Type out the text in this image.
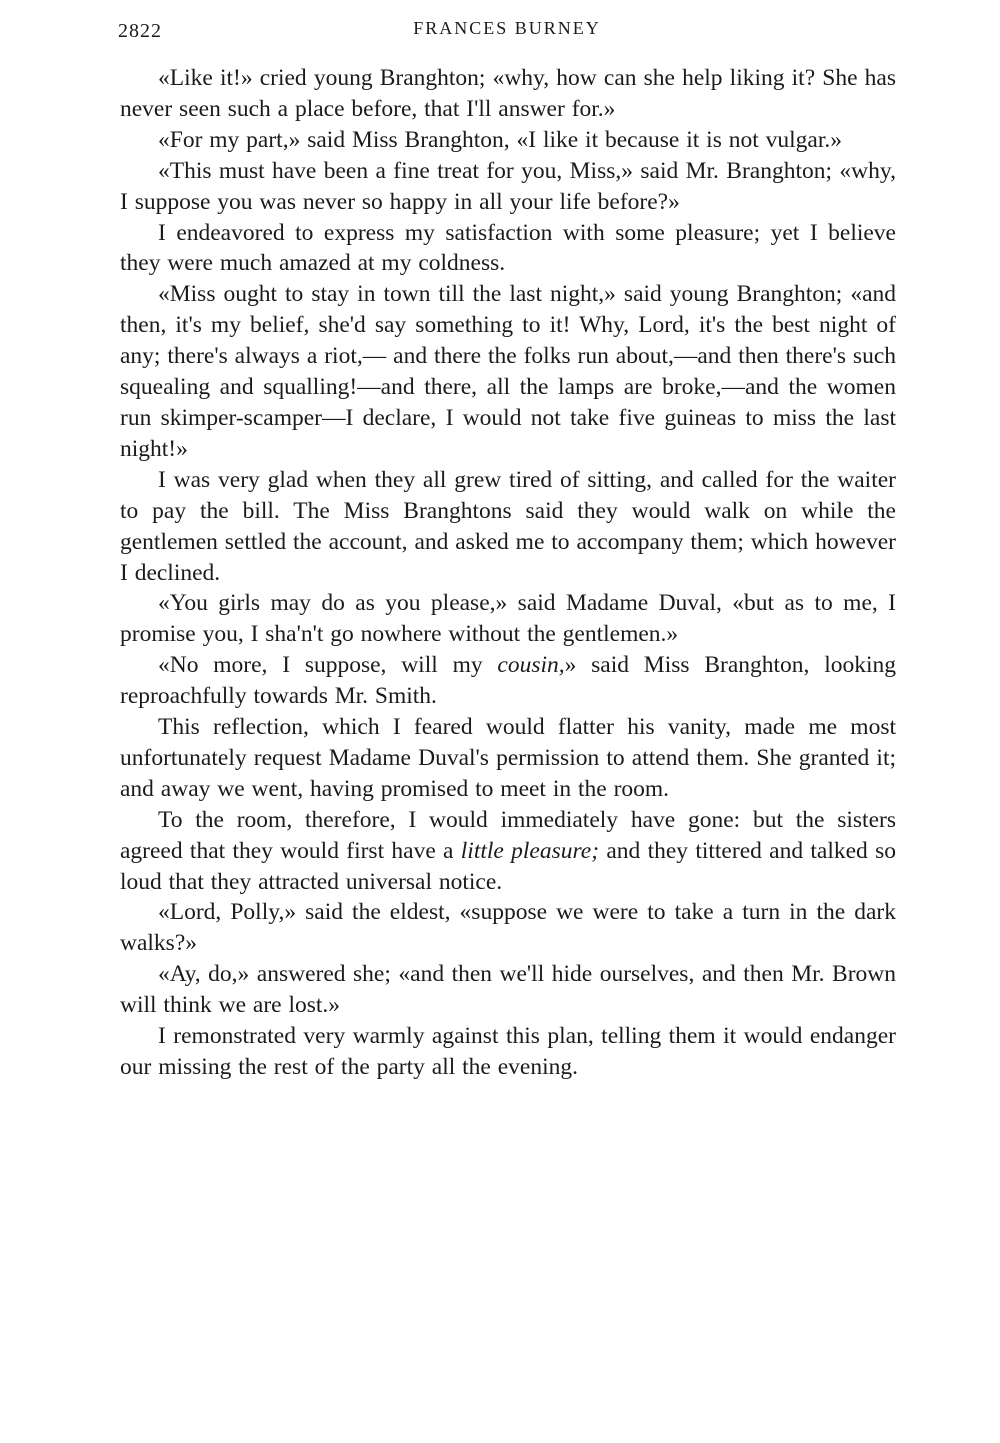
2822	FRANCES BURNEY

«Like it!» cried young Branghton; «why, how can she help liking it? She has never seen such a place before, that I'll answer for.»

«For my part,» said Miss Branghton, «I like it because it is not vulgar.»

«This must have been a fine treat for you, Miss,» said Mr. Branghton; «why, I suppose you was never so happy in all your life before?»

I endeavored to express my satisfaction with some pleasure; yet I believe they were much amazed at my coldness.

«Miss ought to stay in town till the last night,» said young Branghton; «and then, it's my belief, she'd say something to it! Why, Lord, it's the best night of any; there's always a riot,— and there the folks run about,—and then there's such squealing and squalling!—and there, all the lamps are broke,—and the women run skimper-scamper—I declare, I would not take five guineas to miss the last night!»

I was very glad when they all grew tired of sitting, and called for the waiter to pay the bill. The Miss Branghtons said they would walk on while the gentlemen settled the account, and asked me to accompany them; which however I declined.

«You girls may do as you please,» said Madame Duval, «but as to me, I promise you, I sha'n't go nowhere without the gentlemen.»

«No more, I suppose, will my cousin,» said Miss Branghton, looking reproachfully towards Mr. Smith.

This reflection, which I feared would flatter his vanity, made me most unfortunately request Madame Duval's permission to attend them. She granted it; and away we went, having promised to meet in the room.

To the room, therefore, I would immediately have gone: but the sisters agreed that they would first have a little pleasure; and they tittered and talked so loud that they attracted universal notice.

«Lord, Polly,» said the eldest, «suppose we were to take a turn in the dark walks?»

«Ay, do,» answered she; «and then we'll hide ourselves, and then Mr. Brown will think we are lost.»

I remonstrated very warmly against this plan, telling them it would endanger our missing the rest of the party all the evening.
